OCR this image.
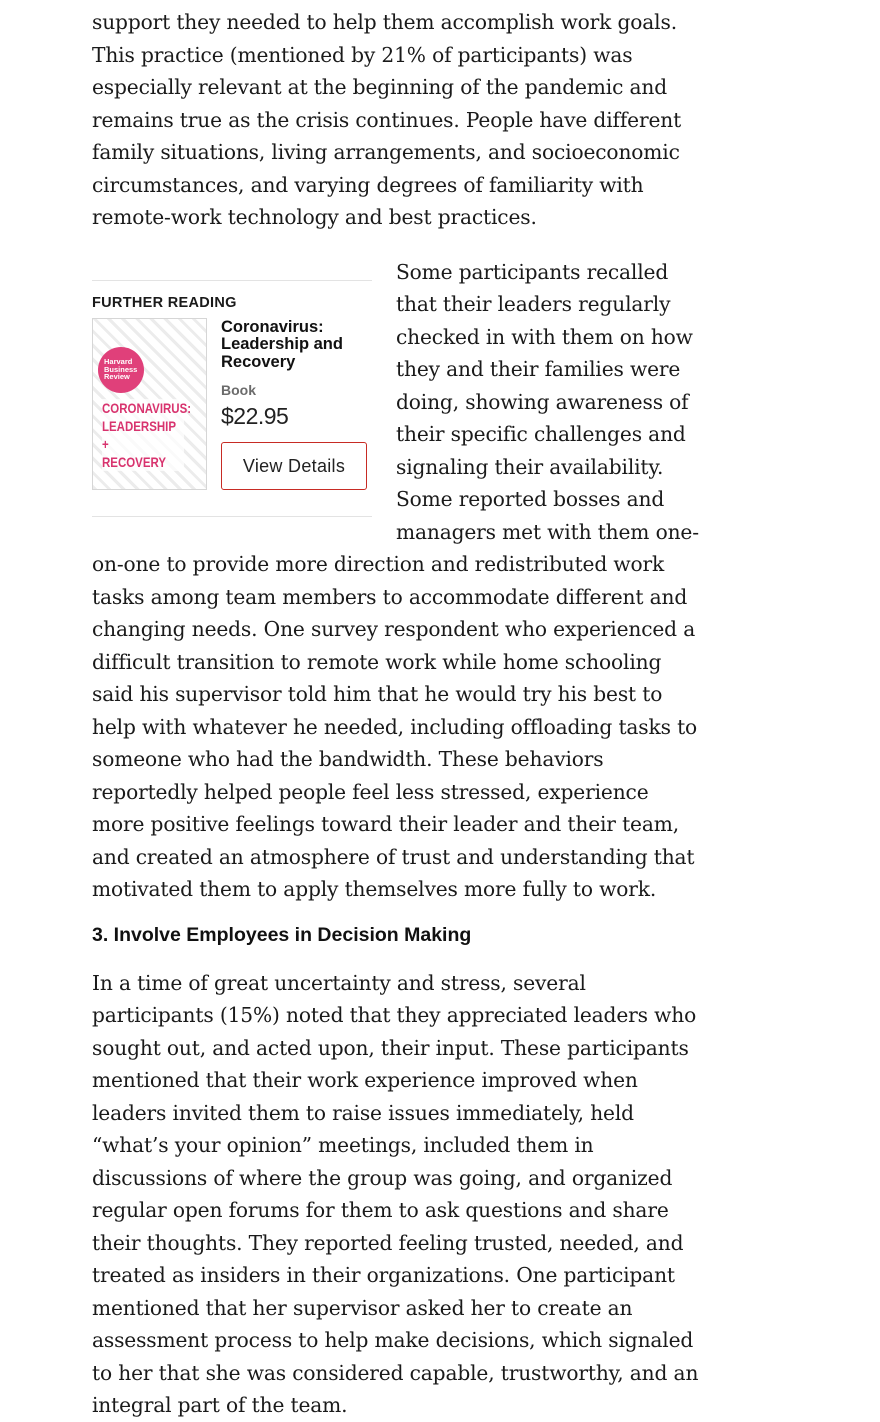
support they needed to help them accomplish work goals. This practice (mentioned by 21% of participants) was especially relevant at the beginning of the pandemic and remains true as the crisis continues. People have different family situations, living arrangements, and socioeconomic circumstances, and varying degrees of familiarity with remote-work technology and best practices.

FURTHER READING
Harvard
Business
Review
CORONAVIRUS:
LEADERSHIP +
RECOVERY
Coronavirus: Leadership and Recovery
Book
$22.95
View Details

Some participants recalled that their leaders regularly checked in with them on how they and their families were doing, showing awareness of their specific challenges and signaling their availability. Some reported bosses and managers met with them one-on-one to provide more direction and redistributed work tasks among team members to accommodate different and changing needs. One survey respondent who experienced a difficult transition to remote work while home schooling said his supervisor told him that he would try his best to help with whatever he needed, including offloading tasks to someone who had the bandwidth. These behaviors reportedly helped people feel less stressed, experience more positive feelings toward their leader and their team, and created an atmosphere of trust and understanding that motivated them to apply themselves more fully to work.

3. Involve Employees in Decision Making

In a time of great uncertainty and stress, several participants (15%) noted that they appreciated leaders who sought out, and acted upon, their input. These participants mentioned that their work experience improved when leaders invited them to raise issues immediately, held “what’s your opinion” meetings, included them in discussions of where the group was going, and organized regular open forums for them to ask questions and share their thoughts. They reported feeling trusted, needed, and treated as insiders in their organizations. One participant mentioned that her supervisor asked her to create an assessment process to help make decisions, which signaled to her that she was considered capable, trustworthy, and an integral part of the team.
